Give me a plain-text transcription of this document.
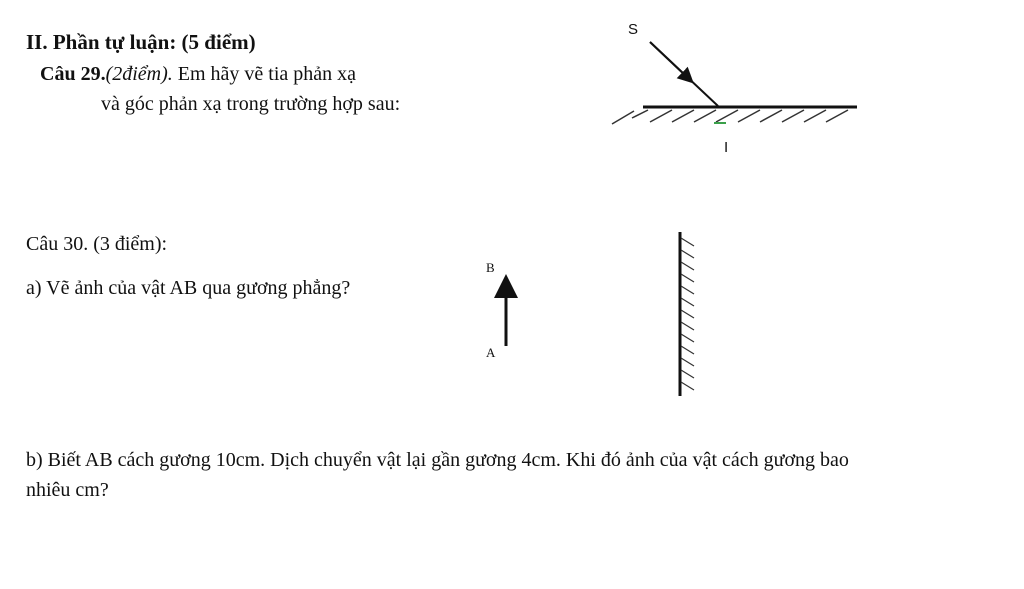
II. Phần tự luận: (5 điểm)
Câu 29.(2điểm). Em hãy vẽ tia phản xạ
và góc phản xạ trong trường hợp sau:
S
I
Câu 30. (3 điểm):
a) Vẽ ảnh của vật AB qua gương phẳng?
B
A
b) Biết AB cách gương 10cm. Dịch chuyển vật lại gần gương 4cm. Khi đó ảnh của vật cách gương bao
nhiêu cm?
